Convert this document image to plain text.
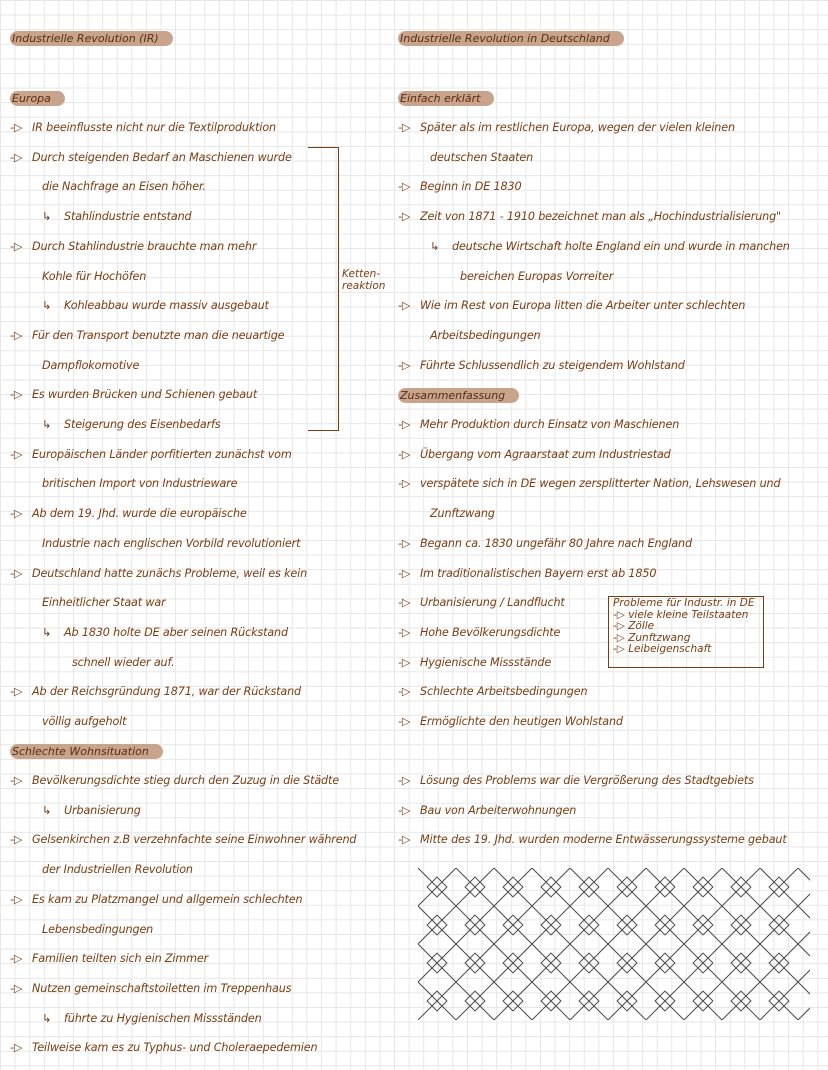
Industrielle Revolution (IR)
Europa
-▷ IR beeinflusste nicht nur die Textilproduktion
-▷ Durch steigenden Bedarf an Maschienen wurde
die Nachfrage an Eisen höher.
↳ Stahlindustrie entstand
-▷ Durch Stahlindustrie brauchte man mehr
Kohle für Hochöfen
↳ Kohleabbau wurde massiv ausgebaut
-▷ Für den Transport benutzte man die neuartige
Dampflokomotive
-▷ Es wurden Brücken und Schienen gebaut
↳ Steigerung des Eisenbedarfs
-▷ Europäischen Länder porfitierten zunächst vom
britischen Import von Industrieware
-▷ Ab dem 19. Jhd. wurde die europäische
Industrie nach englischen Vorbild revolutioniert
-▷ Deutschland hatte zunächs Probleme, weil es kein
Einheitlicher Staat war
↳ Ab 1830 holte DE aber seinen Rückstand
schnell wieder auf.
-▷ Ab der Reichsgründung 1871, war der Rückstand
völlig aufgeholt
Schlechte Wohnsituation
-▷ Bevölkerungsdichte stieg durch den Zuzug in die Städte
↳ Urbanisierung
-▷ Gelsenkirchen z.B verzehnfachte seine Einwohner während
der Industriellen Revolution
-▷ Es kam zu Platzmangel und allgemein schlechten
Lebensbedingungen
-▷ Familien teilten sich ein Zimmer
-▷ Nutzen gemeinschaftstoiletten im Treppenhaus
↳ führte zu Hygienischen Missständen
-▷ Teilweise kam es zu Typhus- und Choleraepedemien
Ketten-
reaktion
Industrielle Revolution in Deutschland
Einfach erklärt
-▷ Später als im restlichen Europa, wegen der vielen kleinen
deutschen Staaten
-▷ Beginn in DE 1830
-▷ Zeit von 1871 - 1910 bezeichnet man als „Hochindustrialisierung"
↳ deutsche Wirtschaft holte England ein und wurde in manchen
bereichen Europas Vorreiter
-▷ Wie im Rest von Europa litten die Arbeiter unter schlechten
Arbeitsbedingungen
-▷ Führte Schlussendlich zu steigendem Wohlstand
Zusammenfassung
-▷ Mehr Produktion durch Einsatz von Maschienen
-▷ Übergang vom Agraarstaat zum Industriestad
-▷ verspätete sich in DE wegen zersplitterter Nation, Lehswesen und
Zunftzwang
-▷ Begann ca. 1830 ungefähr 80 Jahre nach England
-▷ Im traditionalistischen Bayern erst ab 1850
-▷ Urbanisierung / Landflucht
-▷ Hohe Bevölkerungsdichte
-▷ Hygienische Missstände
-▷ Schlechte Arbeitsbedingungen
-▷ Ermöglichte den heutigen Wohlstand
-▷ Lösung des Problems war die Vergrößerung des Stadtgebiets
-▷ Bau von Arbeiterwohnungen
-▷ Mitte des 19. Jhd. wurden moderne Entwässerungssysteme gebaut
Probleme für Industr. in DE
-▷ viele kleine Teilstaaten
-▷ Zölle
-▷ Zunftzwang
-▷ Leibeigenschaft
